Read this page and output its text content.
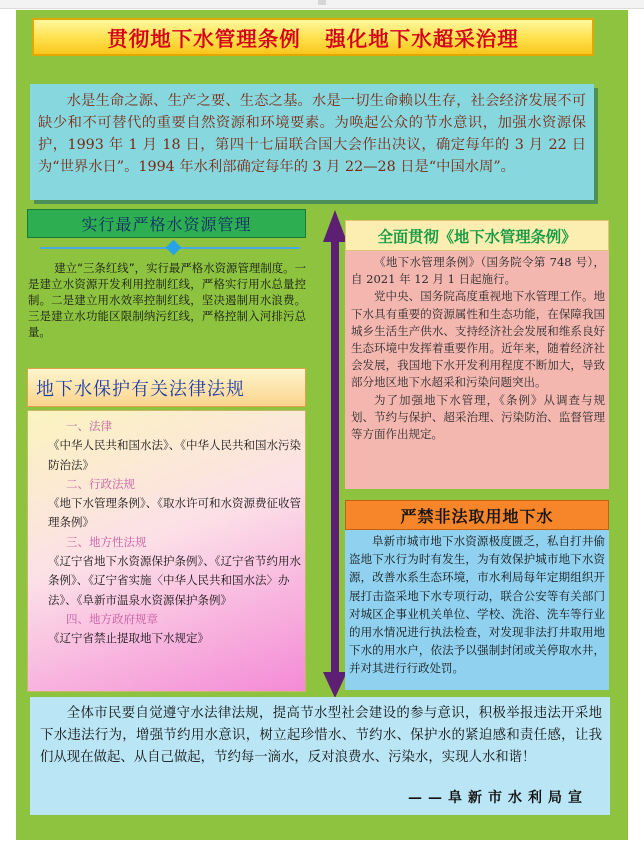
贯彻地下水管理条例   强化地下水超采治理

水是生命之源、生产之要、生态之基。水是一切生命赖以生存，社会经济发展不可缺少和不可替代的重要自然资源和环境要素。为唤起公众的节水意识，加强水资源保护，1993 年 1 月 18 日，第四十七届联合国大会作出决议，确定每年的 3 月 22 日为“世界水日”。1994 年水利部确定每年的 3 月 22—28 日是“中国水周”。

实行最严格水资源管理

建立“三条红线”，实行最严格水资源管理制度。一是建立水资源开发利用控制红线，严格实行用水总量控制。二是建立用水效率控制红线，坚决遏制用水浪费。三是建立水功能区限制纳污红线，严格控制入河排污总量。

地下水保护有关法律法规
一、法律
《中华人民共和国水法》、《中华人民共和国水污染防治法》
二、行政法规
《地下水管理条例》、《取水许可和水资源费征收管理条例》
三、地方性法规
《辽宁省地下水资源保护条例》、《辽宁省节约用水条例》、《辽宁省实施〈中华人民共和国水法〉办法》、《阜新市温泉水资源保护条例》
四、地方政府规章
《辽宁省禁止提取地下水规定》
全面贯彻《地下水管理条例》

《地下水管理条例》（国务院令第 748 号），自 2021 年 12 月 1 日起施行。

党中央、国务院高度重视地下水管理工作。地下水具有重要的资源属性和生态功能，在保障我国城乡生活生产供水、支持经济社会发展和维系良好生态环境中发挥着重要作用。近年来，随着经济社会发展，我国地下水开发利用程度不断加大，导致部分地区地下水超采和污染问题突出。

为了加强地下水管理，《条例》从调查与规划、节约与保护、超采治理、污染防治、监督管理等方面作出规定。

严禁非法取用地下水

阜新市城市地下水资源极度匮乏，私自打井偷盗地下水行为时有发生，为有效保护城市地下水资源，改善水系生态环境，市水利局每年定期组织开展打击盗采地下水专项行动，联合公安等有关部门对城区企事业机关单位、学校、洗浴、洗车等行业的用水情况进行执法检查，对发现非法打井取用地下水的用水户，依法予以强制封闭或关停取水井，并对其进行行政处罚。

全体市民要自觉遵守水法律法规，提高节水型社会建设的参与意识，积极举报违法开采地下水违法行为，增强节约用水意识，树立起珍惜水、节约水、保护水的紧迫感和责任感，让我们从现在做起、从自己做起，节约每一滴水，反对浪费水、污染水，实现人水和谐！

——阜新市水利局宣
